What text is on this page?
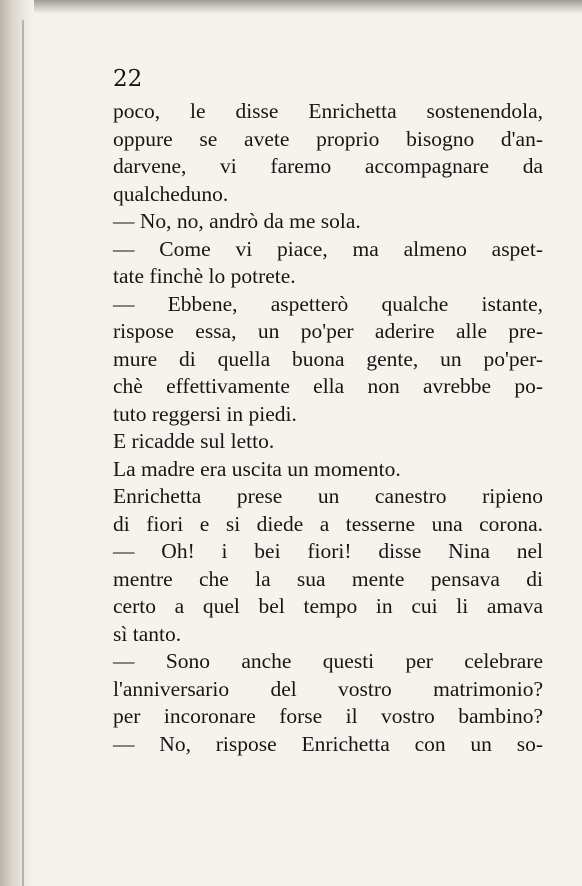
22
poco, le disse Enrichetta sostenendola,
oppure se avete proprio bisogno d'an-
darvene, vi faremo accompagnare da
qualcheduno.
— No, no, andrò da me sola.
— Come vi piace, ma almeno aspet-
tate finchè lo potrete.
— Ebbene, aspetterò qualche istante,
rispose essa, un po'per aderire alle pre-
mure di quella buona gente, un po'per-
chè effettivamente ella non avrebbe po-
tuto reggersi in piedi.
E ricadde sul letto.
La madre era uscita un momento.
Enrichetta prese un canestro ripieno
di fiori e si diede a tesserne una corona.
— Oh! i bei fiori! disse Nina nel
mentre che la sua mente pensava di
certo a quel bel tempo in cui li amava
sì tanto.
— Sono anche questi per celebrare
l'anniversario del vostro matrimonio?
per incoronare forse il vostro bambino?
— No, rispose Enrichetta con un so-
